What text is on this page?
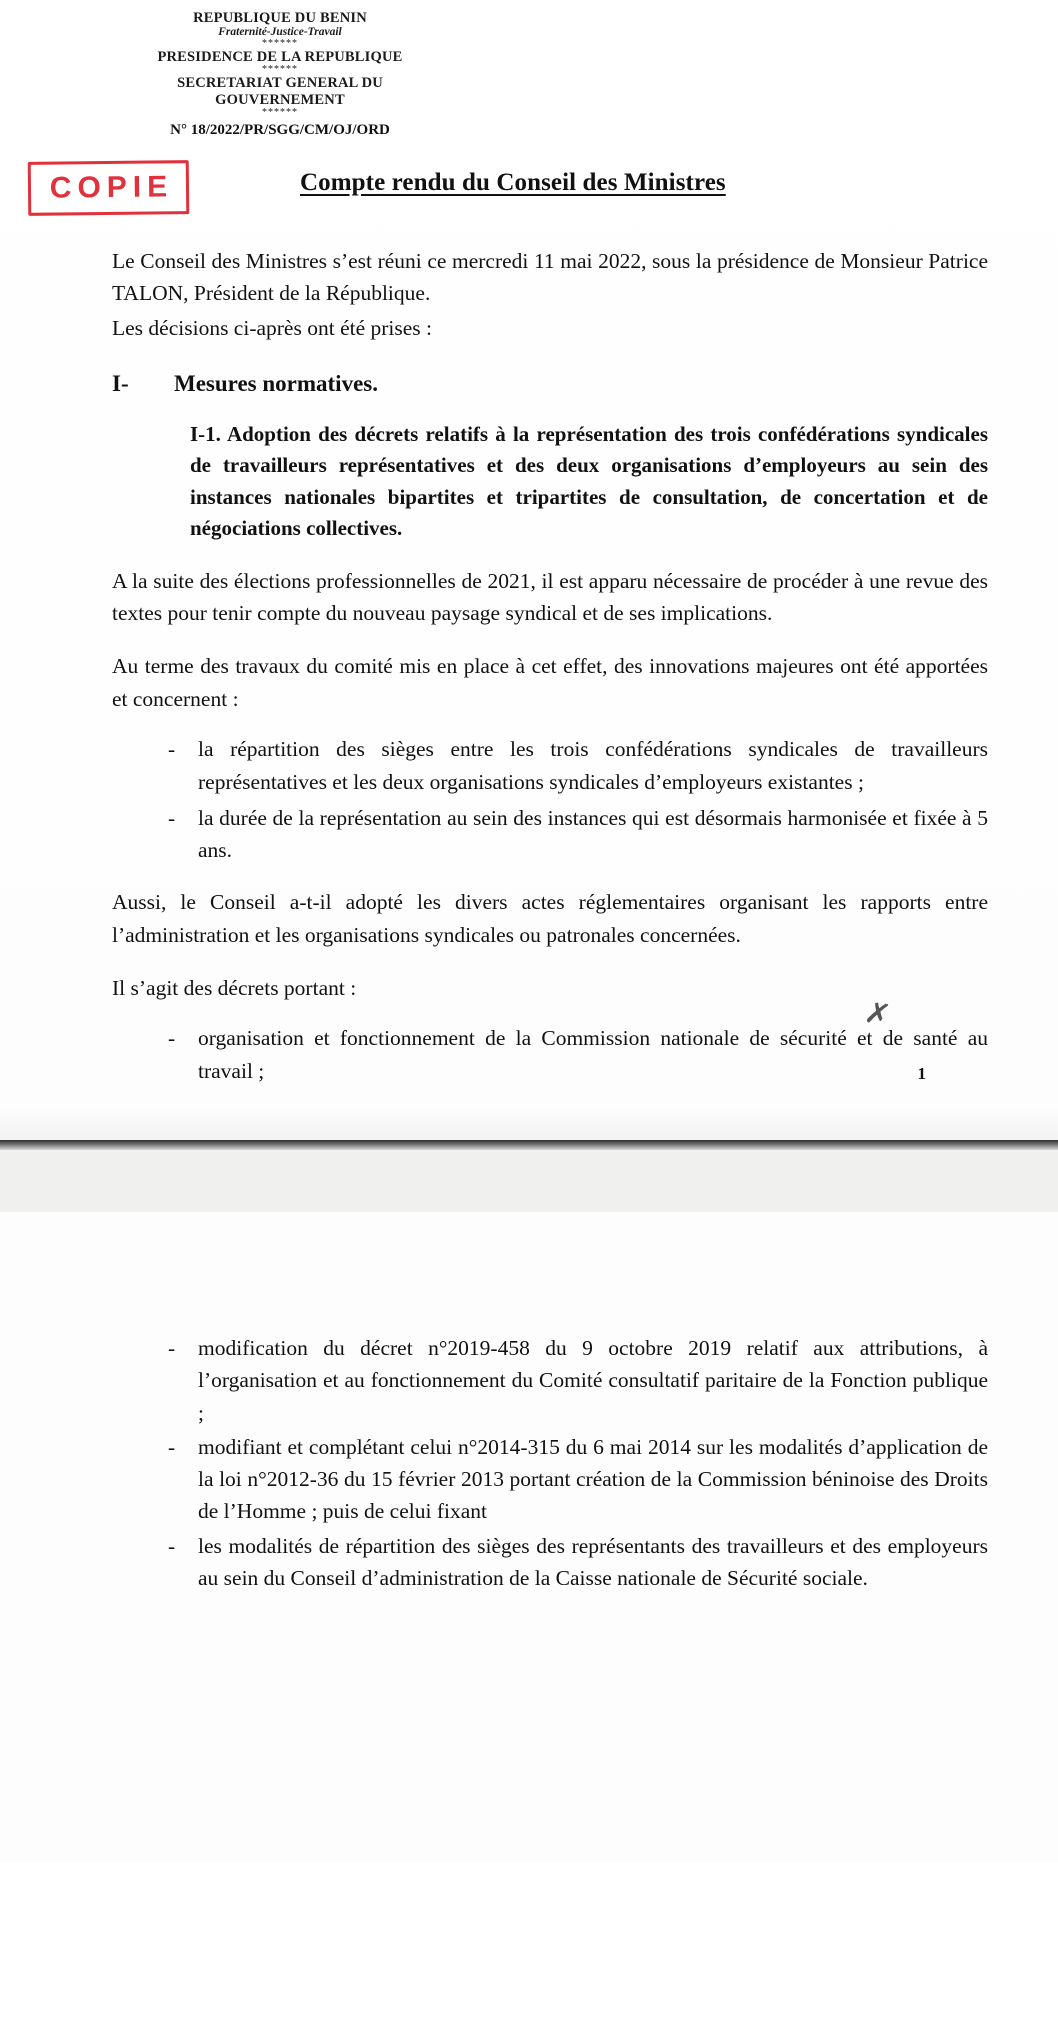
REPUBLIQUE DU BENIN
Fraternité-Justice-Travail
******
PRESIDENCE DE LA REPUBLIQUE
******
SECRETARIAT GENERAL DU
GOUVERNEMENT
******
N° 18/2022/PR/SGG/CM/OJ/ORD
COPIE	Compte rendu du Conseil des Ministres

Le Conseil des Ministres s’est réuni ce mercredi 11 mai 2022, sous la présidence de Monsieur Patrice TALON, Président de la République.

Les décisions ci-après ont été prises :

I-	Mesures normatives.

I-1. Adoption des décrets relatifs à la représentation des trois confédérations syndicales de travailleurs représentatives et des deux organisations d’employeurs au sein des instances nationales bipartites et tripartites de consultation, de concertation et de négociations collectives.

A la suite des élections professionnelles de 2021, il est apparu nécessaire de procéder à une revue des textes pour tenir compte du nouveau paysage syndical et de ses implications.

Au terme des travaux du comité mis en place à cet effet, des innovations majeures ont été apportées et concernent :

- la répartition des sièges entre les trois confédérations syndicales de travailleurs représentatives et les deux organisations syndicales d’employeurs existantes ;
- la durée de la représentation au sein des instances qui est désormais harmonisée et fixée à 5 ans.

Aussi, le Conseil a-t-il adopté les divers actes réglementaires organisant les rapports entre l’administration et les organisations syndicales ou patronales concernées.

Il s’agit des décrets portant :

- organisation et fonctionnement de la Commission nationale de sécurité et de santé au travail ;
✗
1
- modification du décret n°2019-458 du 9 octobre 2019 relatif aux attributions, à l’organisation et au fonctionnement du Comité consultatif paritaire de la Fonction publique ;
- modifiant et complétant celui n°2014-315 du 6 mai 2014 sur les modalités d’application de la loi n°2012-36 du 15 février 2013 portant création de la Commission béninoise des Droits de l’Homme ; puis de celui fixant
- les modalités de répartition des sièges des représentants des travailleurs et des employeurs au sein du Conseil d’administration de la Caisse nationale de Sécurité sociale.
